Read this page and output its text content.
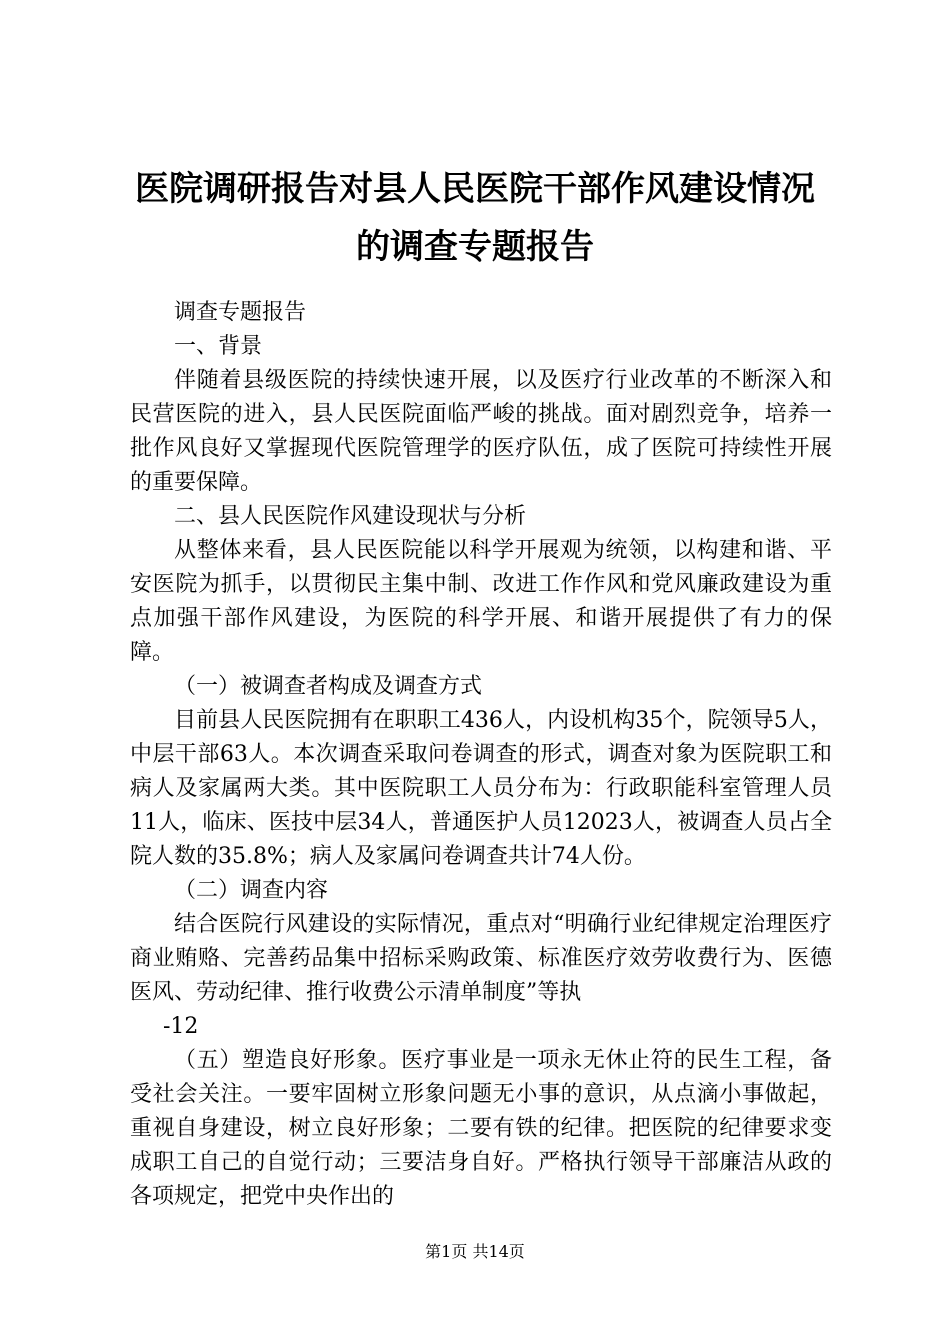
医院调研报告对县人民医院干部作风建设情况的调查专题报告

调查专题报告

一、背景

伴随着县级医院的持续快速开展，以及医疗行业改革的不断深入和民营医院的进入，县人民医院面临严峻的挑战。面对剧烈竞争，培养一批作风良好又掌握现代医院管理学的医疗队伍，成了医院可持续性开展的重要保障。

二、县人民医院作风建设现状与分析

从整体来看，县人民医院能以科学开展观为统领，以构建和谐、平安医院为抓手，以贯彻民主集中制、改进工作作风和党风廉政建设为重点加强干部作风建设，为医院的科学开展、和谐开展提供了有力的保障。

（一）被调查者构成及调查方式

目前县人民医院拥有在职职工436人，内设机构35个，院领导5人，中层干部63人。本次调查采取问卷调查的形式，调查对象为医院职工和病人及家属两大类。其中医院职工人员分布为：行政职能科室管理人员11人，临床、医技中层34人，普通医护人员12023人，被调查人员占全院人数的35.8%；病人及家属问卷调查共计74人份。

（二）调查内容

结合医院行风建设的实际情况，重点对“明确行业纪律规定治理医疗商业贿赂、完善药品集中招标采购政策、标准医疗效劳收费行为、医德医风、劳动纪律、推行收费公示清单制度”等执

-12

（五）塑造良好形象。医疗事业是一项永无休止符的民生工程，备受社会关注。一要牢固树立形象问题无小事的意识，从点滴小事做起，重视自身建设，树立良好形象；二要有铁的纪律。把医院的纪律要求变成职工自己的自觉行动；三要洁身自好。严格执行领导干部廉洁从政的各项规定，把党中央作出的

第1页 共14页
